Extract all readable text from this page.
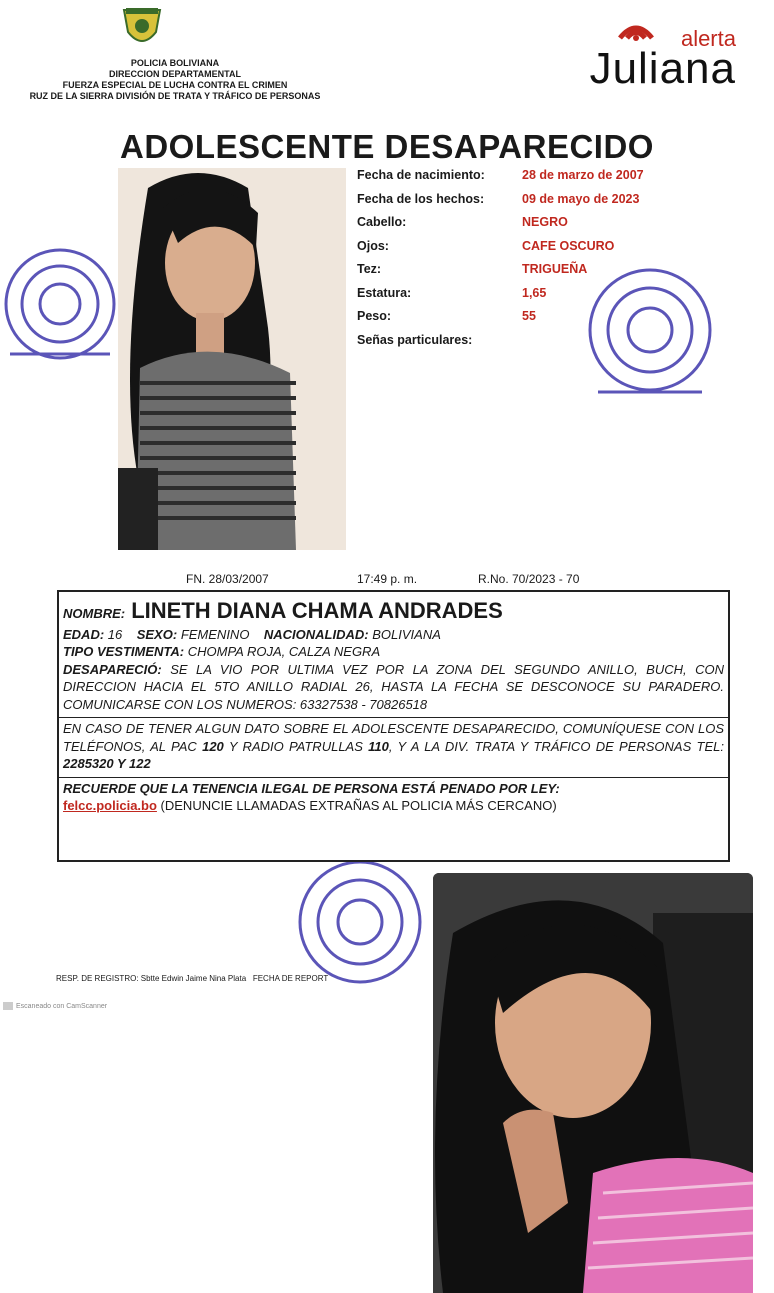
POLICIA BOLIVIANA
DIRECCION DEPARTAMENTAL
FUERZA ESPECIAL DE LUCHA CONTRA EL CRIMEN
RUZ DE LA SIERRA DIVISIÓN DE TRATA Y TRÁFICO DE PERSONAS
alerta
Juliana
ADOLESCENTE DESAPARECIDO
Fecha de nacimiento:	28 de marzo de 2007
Fecha de los hechos:	09 de mayo de 2023
Cabello:	NEGRO
Ojos:	CAFE OSCURO
Tez:	TRIGUEÑA
Estatura:	1,65
Peso:	55
Señas particulares:
FN. 28/03/2007	17:49 p. m.	R.No. 70/2023 - 70
NOMBRE: LINETH DIANA CHAMA ANDRADES
EDAD: 16 SEXO: FEMENINO NACIONALIDAD: BOLIVIANA
TIPO VESTIMENTA: CHOMPA ROJA, CALZA NEGRA
DESAPARECIÓ: SE LA VIO POR ULTIMA VEZ POR LA ZONA DEL SEGUNDO ANILLO, BUCH, CON DIRECCION HACIA EL 5TO ANILLO RADIAL 26, HASTA LA FECHA SE DESCONOCE SU PARADERO. COMUNICARSE CON LOS NUMEROS: 63327538 - 70826518
EN CASO DE TENER ALGUN DATO SOBRE EL ADOLESCENTE DESAPARECIDO, COMUNÍQUESE CON LOS TELÉFONOS, AL PAC 120 Y RADIO PATRULLAS 110, Y A LA DIV. TRATA Y TRÁFICO DE PERSONAS TEL: 2285320 Y 122
RECUERDE QUE LA TENENCIA ILEGAL DE PERSONA ESTÁ PENADO POR LEY:
felcc.policia.bo (DENUNCIE LLAMADAS EXTRAÑAS AL POLICIA MÁS CERCANO)
RESP. DE REGISTRO: Sbtte Edwin Jaime Nina Plata FECHA DE REPORT
Escaneado con CamScanner
